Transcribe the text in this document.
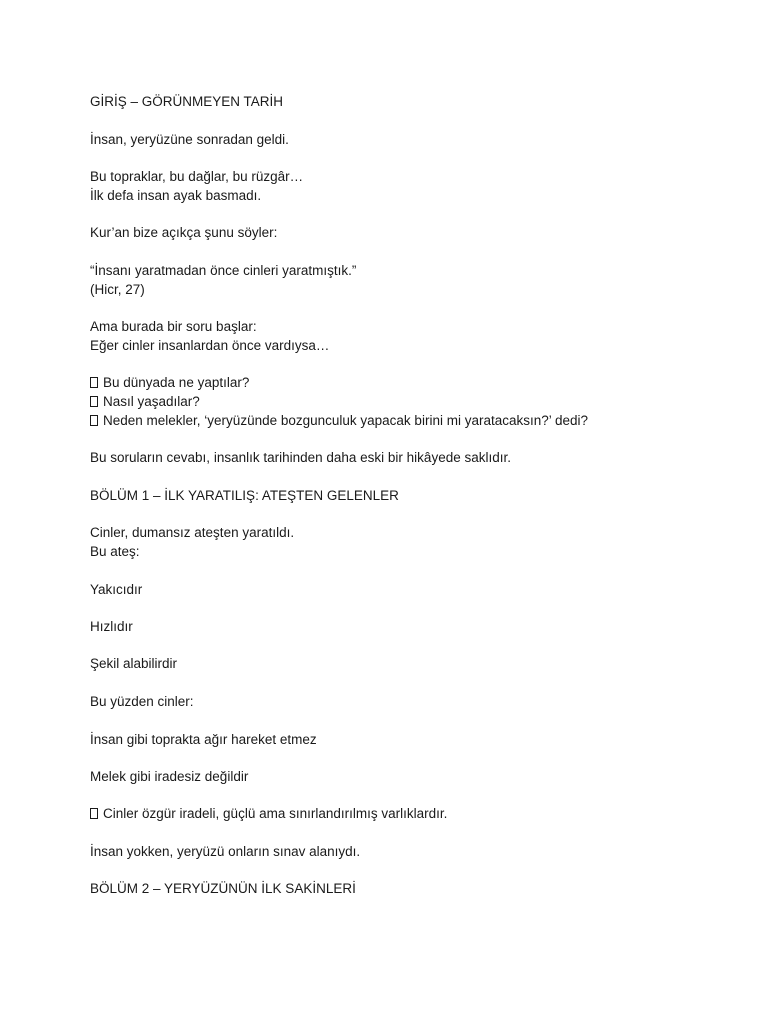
GİRİŞ – GÖRÜNMEYEN TARİH
İnsan, yeryüzüne sonradan geldi.
Bu topraklar, bu dağlar, bu rüzgâr…
İlk defa insan ayak basmadı.
Kur’an bize açıkça şunu söyler:
“İnsanı yaratmadan önce cinleri yaratmıştık.”
(Hicr, 27)
Ama burada bir soru başlar:
Eğer cinler insanlardan önce vardıysa…
Bu dünyada ne yaptılar?
Nasıl yaşadılar?
Neden melekler, ‘yeryüzünde bozgunculuk yapacak birini mi yaratacaksın?’ dedi?
Bu soruların cevabı, insanlık tarihinden daha eski bir hikâyede saklıdır.
BÖLÜM 1 – İLK YARATILIŞ: ATEŞTEN GELENLER
Cinler, dumansız ateşten yaratıldı.
Bu ateş:
Yakıcıdır
Hızlıdır
Şekil alabilirdir
Bu yüzden cinler:
İnsan gibi toprakta ağır hareket etmez
Melek gibi iradesiz değildir
Cinler özgür iradeli, güçlü ama sınırlandırılmış varlıklardır.
İnsan yokken, yeryüzü onların sınav alanıydı.
BÖLÜM 2 – YERYÜZÜNÜN İLK SAKİNLERİ
